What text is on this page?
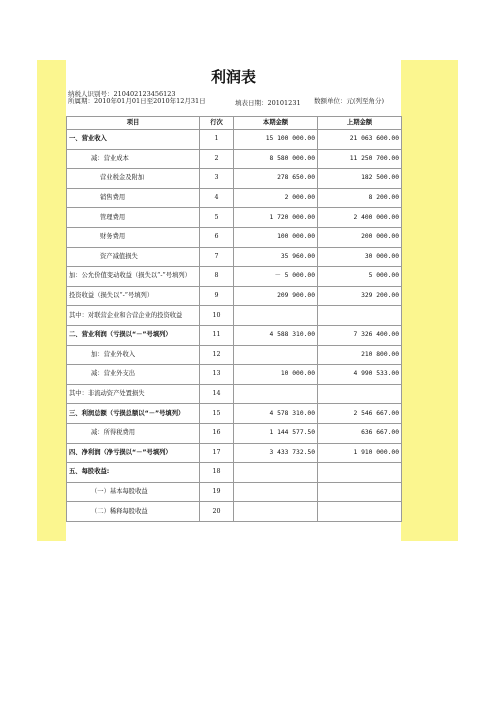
利润表
纳税人识别号：210402123456123
所属期：2010年01月01日至2010年12月31日	填表日期：20101231 数额单位：元(列至角分)
项目	行次	本期金额	上期金额
一、营业收入	1	15 100 000.00	21 063 600.00
减：营业成本	2	8 580 000.00	11 250 700.00
营业税金及附加	3	278 650.00	182 500.00
销售费用	4	2 000.00	8 200.00
管理费用	5	1 720 000.00	2 400 000.00
财务费用	6	100 000.00	200 000.00
资产减值损失	7	35 960.00	30 000.00
加：公允价值变动收益（损失以“-”号填列）	8	－ 5 000.00	5 000.00
投资收益（损失以“-”号填列）	9	209 900.00	329 200.00
其中：对联营企业和合营企业的投资收益	10		
二、营业利润（亏损以“－”号填列）	11	4 588 310.00	7 326 400.00
加：营业外收入	12		210 800.00
减：营业外支出	13	10 000.00	4 990 533.00
其中：非流动资产处置损失	14		
三、利润总额（亏损总额以“－”号填列）	15	4 578 310.00	2 546 667.00
减：所得税费用	16	1 144 577.50	636 667.00
四、净利润（净亏损以“－”号填列）	17	3 433 732.50	1 910 000.00
五、每股收益:	18		
（一）基本每股收益	19		
（二）稀释每股收益	20		
